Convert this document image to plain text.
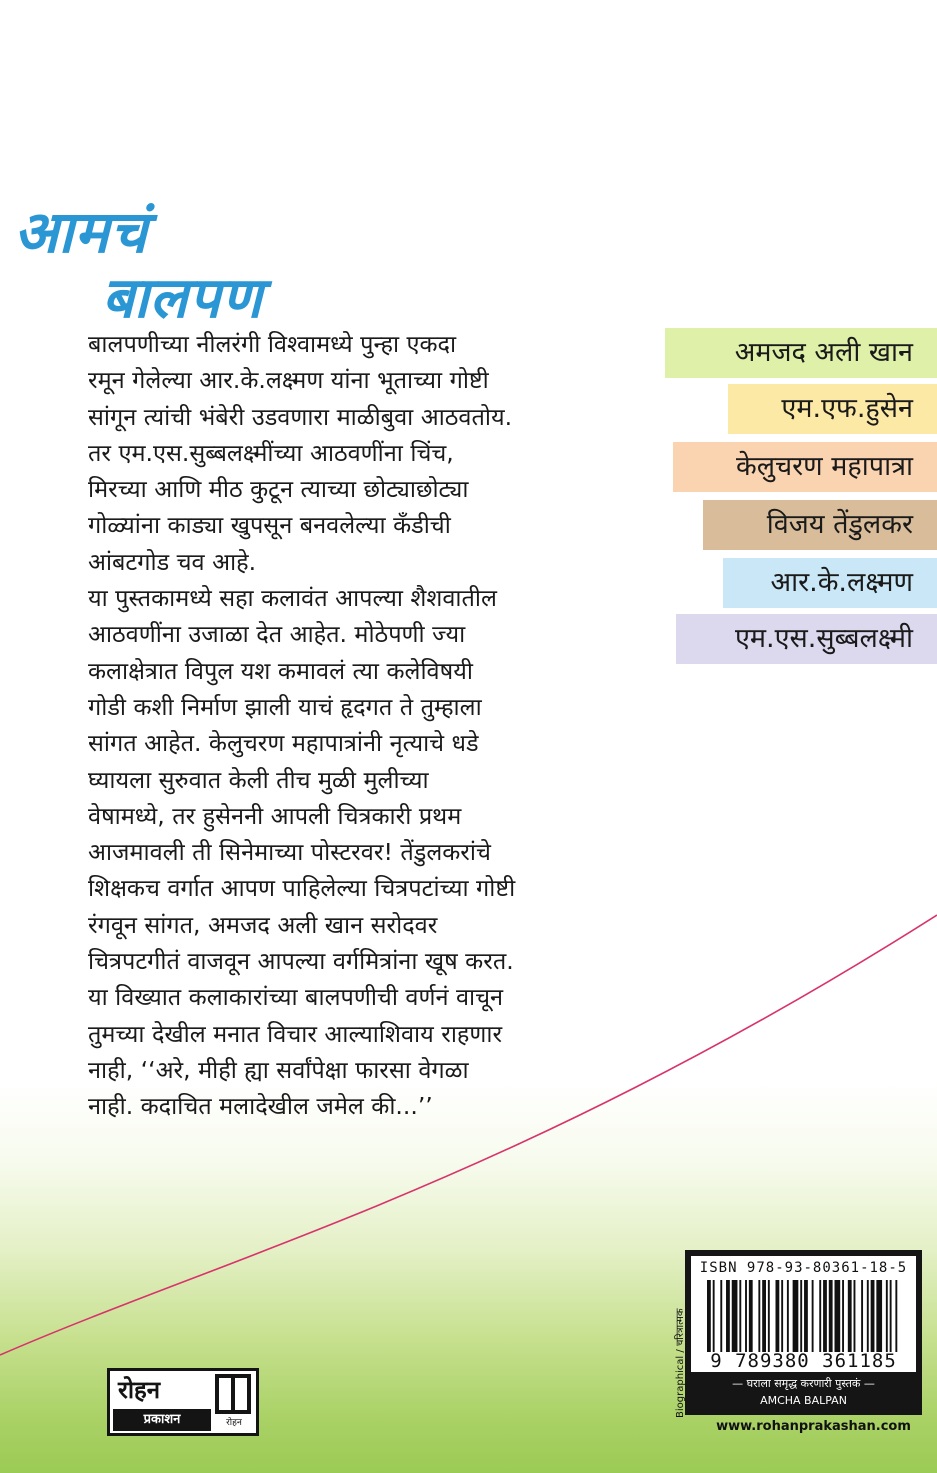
आमचं
बालपण
बालपणीच्या नीलरंगी विश्वामध्ये पुन्हा एकदा
रमून गेलेल्या आर.के.लक्ष्मण यांना भूताच्या गोष्टी
सांगून त्यांची भंबेरी उडवणारा माळीबुवा आठवतोय.
तर एम.एस.सुब्बलक्ष्मींच्या आठवणींना चिंच,
मिरच्या आणि मीठ कुटून त्याच्या छोट्याछोट्या
गोळ्यांना काड्या खुपसून बनवलेल्या कँडीची
आंबटगोड चव आहे.
या पुस्तकामध्ये सहा कलावंत आपल्या शैशवातील
आठवणींना उजाळा देत आहेत. मोठेपणी ज्या
कलाक्षेत्रात विपुल यश कमावलं त्या कलेविषयी
गोडी कशी निर्माण झाली याचं हृदगत ते तुम्हाला
सांगत आहेत. केलुचरण महापात्रांनी नृत्याचे धडे
घ्यायला सुरुवात केली तीच मुळी मुलीच्या
वेषामध्ये, तर हुसेननी आपली चित्रकारी प्रथम
आजमावली ती सिनेमाच्या पोस्टरवर! तेंडुलकरांचे
शिक्षकच वर्गात आपण पाहिलेल्या चित्रपटांच्या गोष्टी
रंगवून सांगत, अमजद अली खान सरोदवर
चित्रपटगीतं वाजवून आपल्या वर्गमित्रांना खूष करत.
या विख्यात कलाकारांच्या बालपणीची वर्णनं वाचून
तुमच्या देखील मनात विचार आल्याशिवाय राहणार
नाही, ‘‘अरे, मीही ह्या सर्वांपेक्षा फारसा वेगळा
नाही. कदाचित मलादेखील जमेल की...’’
अमजद अली खान
एम.एफ.हुसेन
केलुचरण महापात्रा
विजय तेंडुलकर
आर.के.लक्ष्मण
एम.एस.सुब्बलक्ष्मी
ISBN 978-93-80361-18-5
9 789380 361185
— घराला समृद्ध करणारी पुस्तकं —
AMCHA BALPAN
Biographical / चरित्रात्मक
www.rohanprakashan.com
रोहन
प्रकाशन	रोहन
